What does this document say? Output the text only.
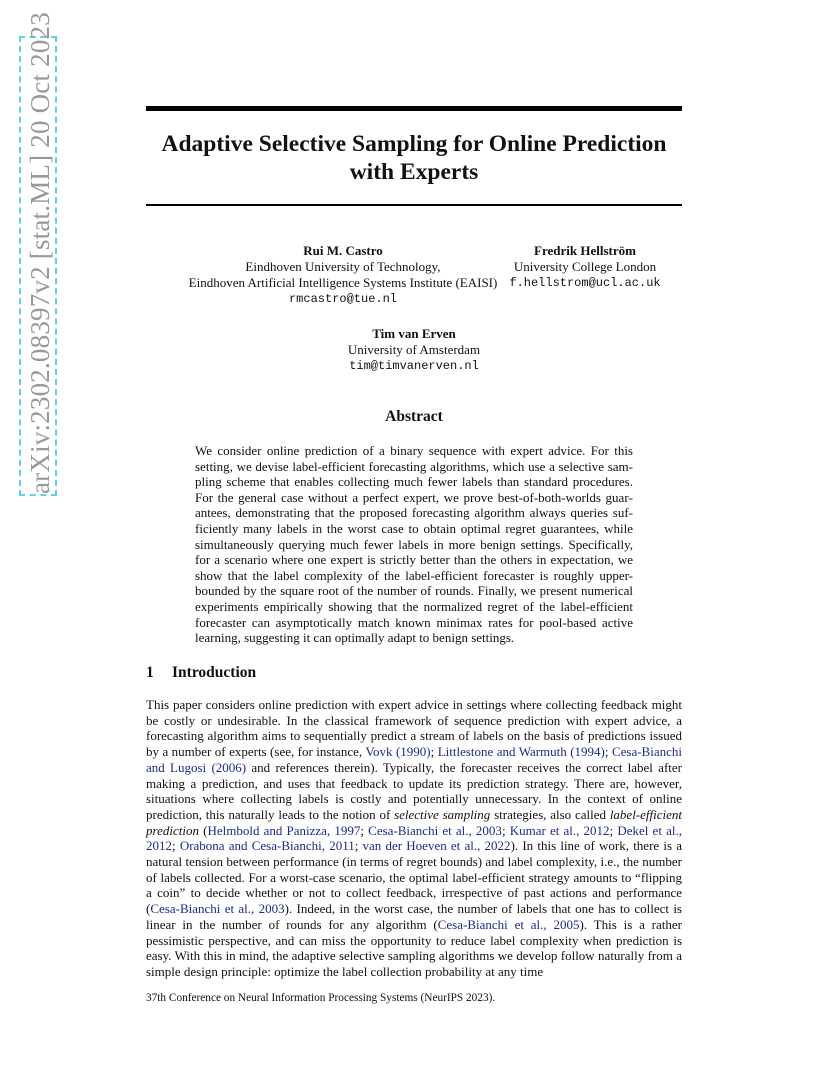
arXiv:2302.08397v2 [stat.ML] 20 Oct 2023	Adaptive Selective Sampling for Online Prediction
with Experts
Rui M. Castro
Eindhoven University of Technology,
Eindhoven Artificial Intelligence Systems Institute (EAISI)
rmcastro@tue.nl
Fredrik Hellström
University College London
f.hellstrom@ucl.ac.uk
Tim van Erven
University of Amsterdam
tim@timvanerven.nl
Abstract
We consider online prediction of a binary sequence with expert advice. For this setting, we devise label-efficient forecasting algorithms, which use a selective sampling scheme that enables collecting much fewer labels than standard procedures. For the general case without a perfect expert, we prove best-of-both-worlds guarantees, demonstrating that the proposed forecasting algorithm always queries sufficiently many labels in the worst case to obtain optimal regret guarantees, while simultaneously querying much fewer labels in more benign settings. Specifically, for a scenario where one expert is strictly better than the others in expectation, we show that the label complexity of the label-efficient forecaster is roughly upper-bounded by the square root of the number of rounds. Finally, we present numerical experiments empirically showing that the normalized regret of the label-efficient forecaster can asymptotically match known minimax rates for pool-based active learning, suggesting it can optimally adapt to benign settings.
1 Introduction
This paper considers online prediction with expert advice in settings where collecting feedback might be costly or undesirable. In the classical framework of sequence prediction with expert advice, a forecasting algorithm aims to sequentially predict a stream of labels on the basis of predictions issued by a number of experts (see, for instance, Vovk (1990); Littlestone and Warmuth (1994); Cesa-Bianchi and Lugosi (2006) and references therein). Typically, the forecaster receives the correct label after making a prediction, and uses that feedback to update its prediction strategy. There are, however, situations where collecting labels is costly and potentially unnecessary. In the context of online prediction, this naturally leads to the notion of selective sampling strategies, also called label-efficient prediction (Helmbold and Panizza, 1997; Cesa-Bianchi et al., 2003; Kumar et al., 2012; Dekel et al., 2012; Orabona and Cesa-Bianchi, 2011; van der Hoeven et al., 2022). In this line of work, there is a natural tension between performance (in terms of regret bounds) and label complexity, i.e., the number of labels collected. For a worst-case scenario, the optimal label-efficient strategy amounts to “flipping a coin” to decide whether or not to collect feedback, irrespective of past actions and performance (Cesa-Bianchi et al., 2003). Indeed, in the worst case, the number of labels that one has to collect is linear in the number of rounds for any algorithm (Cesa-Bianchi et al., 2005). This is a rather pessimistic perspective, and can miss the opportunity to reduce label complexity when prediction is easy. With this in mind, the adaptive selective sampling algorithms we develop follow naturally from a simple design principle: optimize the label collection probability at any time
37th Conference on Neural Information Processing Systems (NeurIPS 2023).
